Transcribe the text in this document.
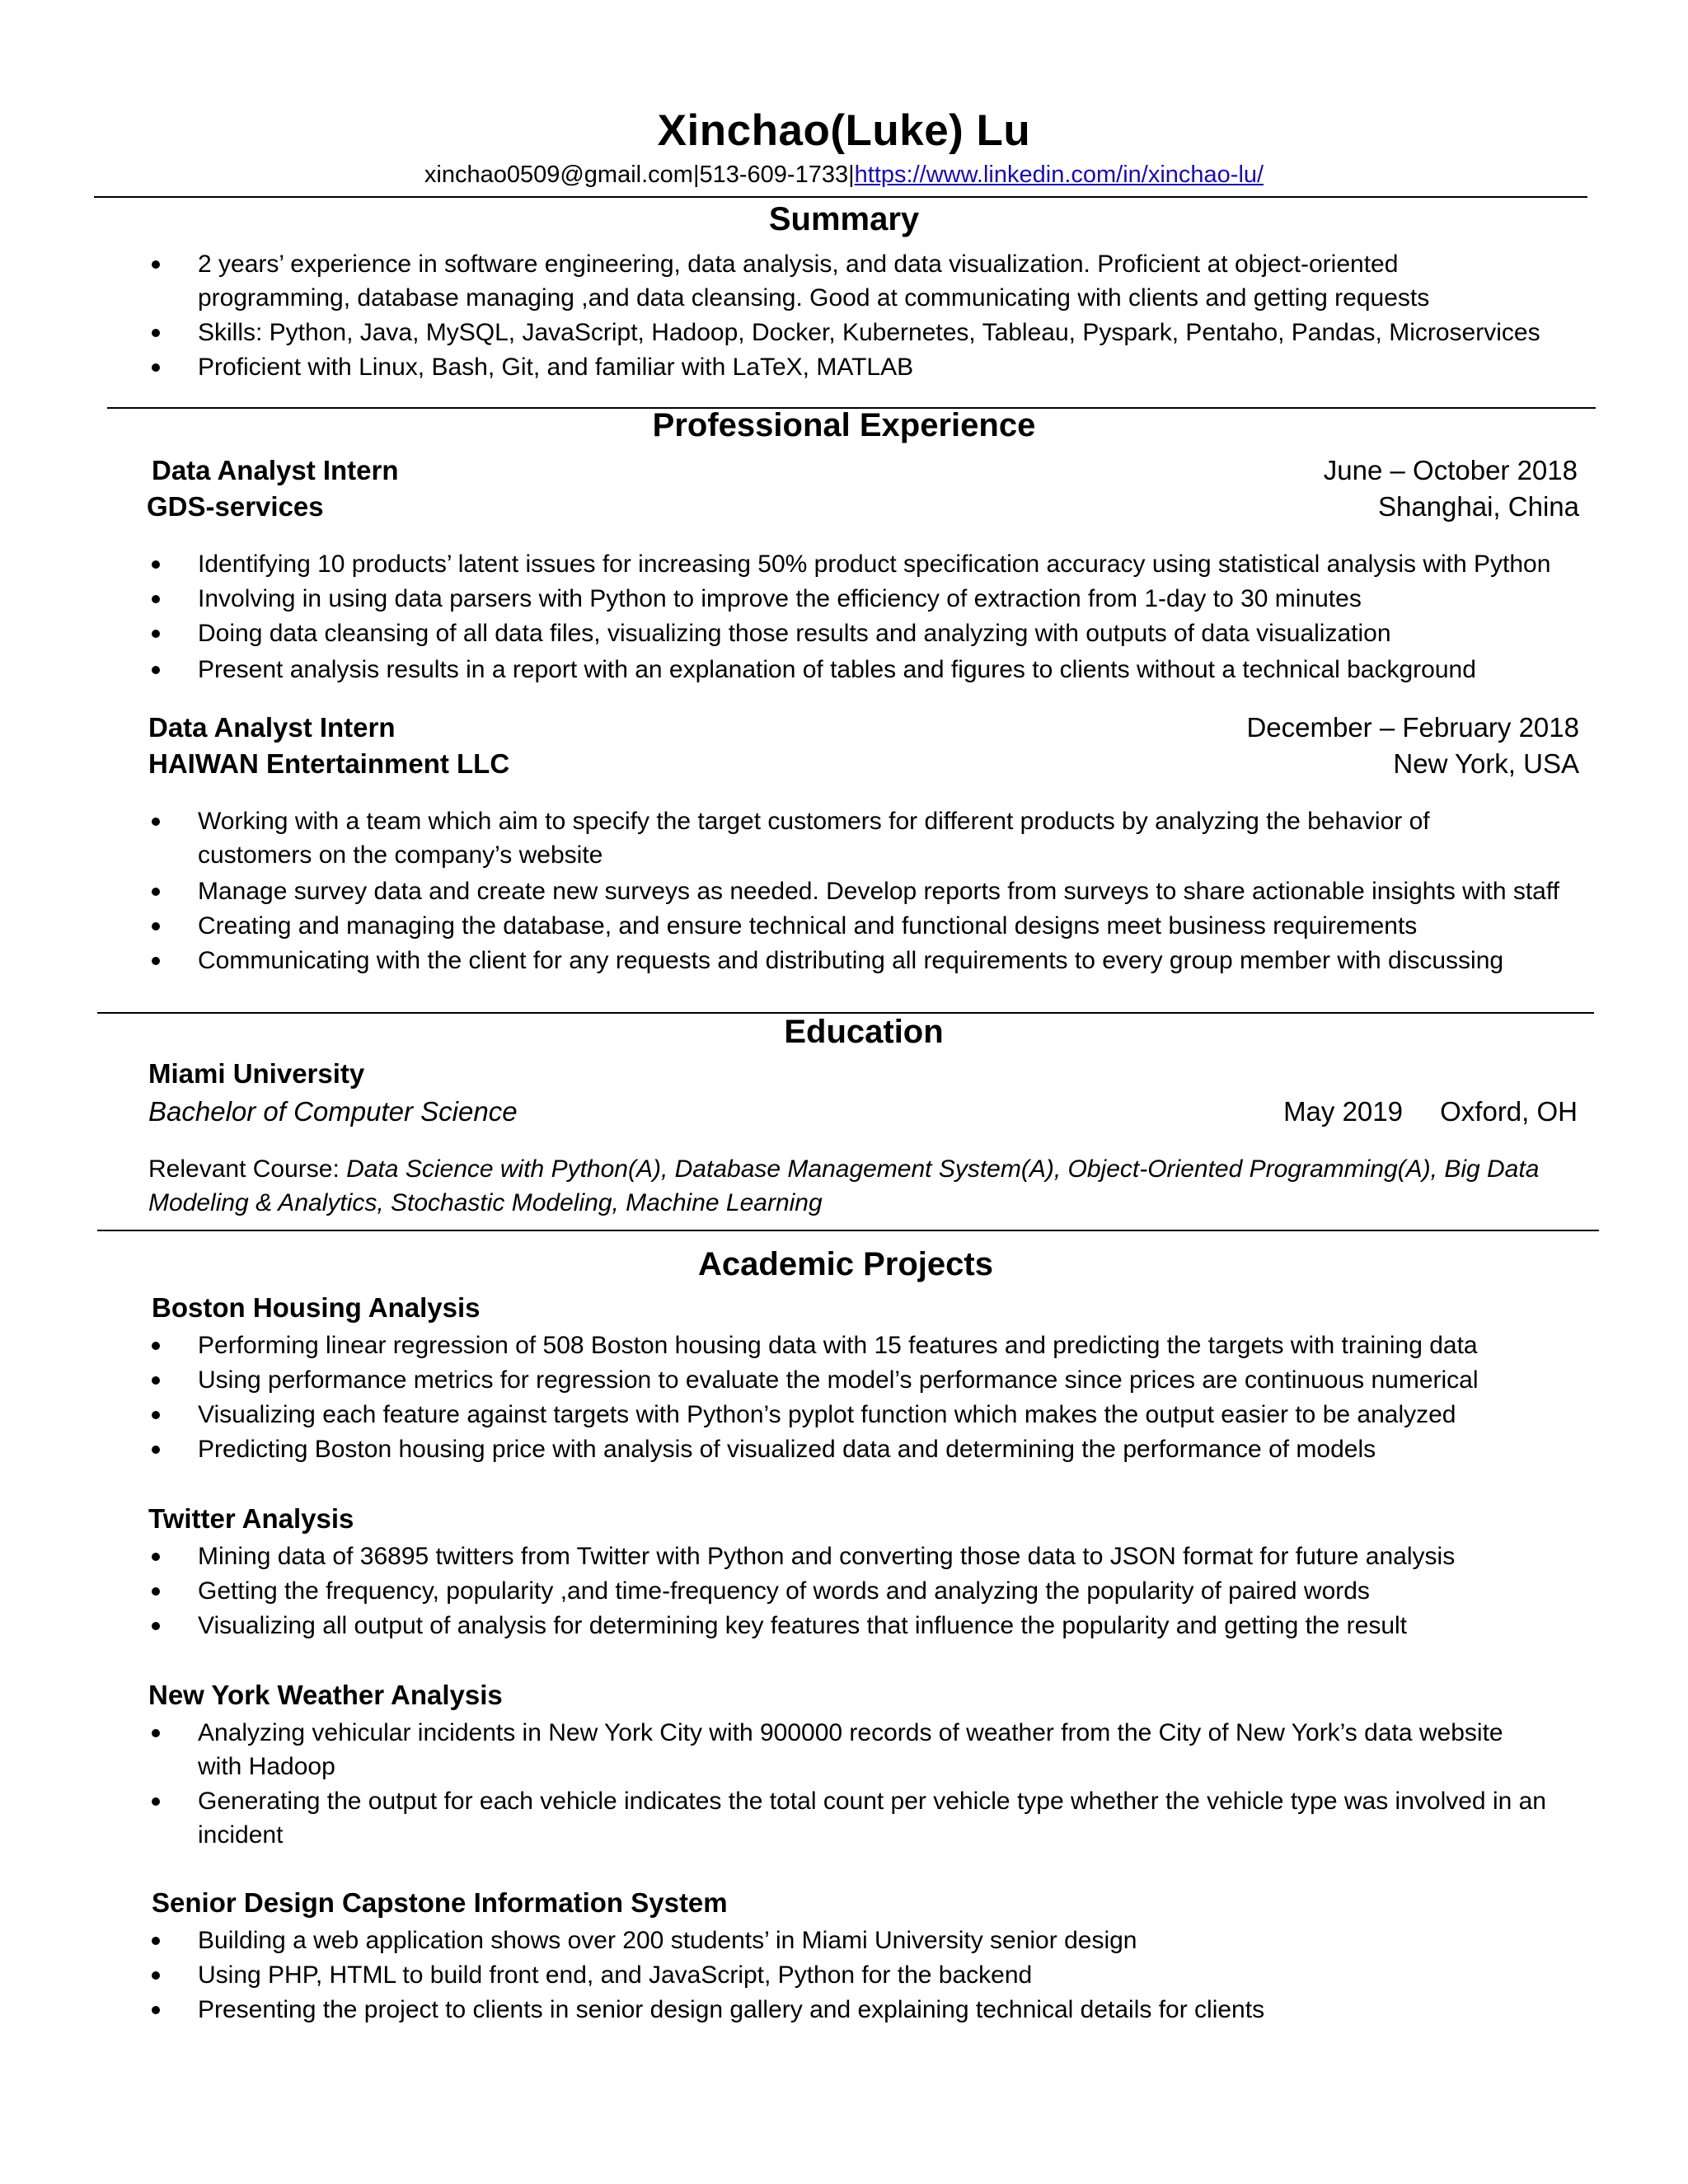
Xinchao(Luke) Lu
xinchao0509@gmail.com|513-609-1733|https://www.linkedin.com/in/xinchao-lu/
Summary
2 years’ experience in software engineering, data analysis, and data visualization. Proficient at object-oriented programming, database managing ,and data cleansing. Good at communicating with clients and getting requests
Skills: Python, Java, MySQL, JavaScript, Hadoop, Docker, Kubernetes, Tableau, Pyspark, Pentaho, Pandas, Microservices
Proficient with Linux, Bash, Git, and familiar with LaTeX, MATLAB
Professional Experience
Data Analyst Intern	June – October 2018
GDS-services	Shanghai, China
Identifying 10 products’ latent issues for increasing 50% product specification accuracy using statistical analysis with Python
Involving in using data parsers with Python to improve the efficiency of extraction from 1-day to 30 minutes
Doing data cleansing of all data files, visualizing those results and analyzing with outputs of data visualization
Present analysis results in a report with an explanation of tables and figures to clients without a technical background
Data Analyst Intern	December – February 2018
HAIWAN Entertainment LLC	New York, USA
Working with a team which aim to specify the target customers for different products by analyzing the behavior of customers on the company’s website
Manage survey data and create new surveys as needed. Develop reports from surveys to share actionable insights with staff
Creating and managing the database, and ensure technical and functional designs meet business requirements
Communicating with the client for any requests and distributing all requirements to every group member with discussing
Education
Miami University
Bachelor of Computer Science	May 2019 Oxford, OH
Relevant Course: Data Science with Python(A), Database Management System(A), Object-Oriented Programming(A), Big Data Modeling & Analytics, Stochastic Modeling, Machine Learning
Academic Projects
Boston Housing Analysis
Performing linear regression of 508 Boston housing data with 15 features and predicting the targets with training data
Using performance metrics for regression to evaluate the model’s performance since prices are continuous numerical
Visualizing each feature against targets with Python’s pyplot function which makes the output easier to be analyzed
Predicting Boston housing price with analysis of visualized data and determining the performance of models
Twitter Analysis
Mining data of 36895 twitters from Twitter with Python and converting those data to JSON format for future analysis
Getting the frequency, popularity ,and time-frequency of words and analyzing the popularity of paired words
Visualizing all output of analysis for determining key features that influence the popularity and getting the result
New York Weather Analysis
Analyzing vehicular incidents in New York City with 900000 records of weather from the City of New York’s data website with Hadoop
Generating the output for each vehicle indicates the total count per vehicle type whether the vehicle type was involved in an incident
Senior Design Capstone Information System
Building a web application shows over 200 students’ in Miami University senior design
Using PHP, HTML to build front end, and JavaScript, Python for the backend
Presenting the project to clients in senior design gallery and explaining technical details for clients
